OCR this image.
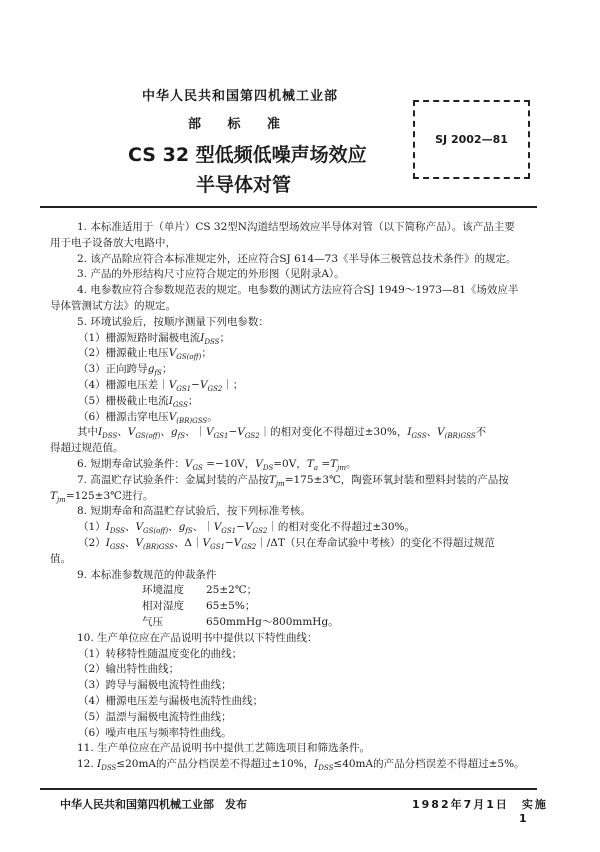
中华人民共和国第四机械工业部
部 标 准
CS 32 型低频低噪声场效应
半导体对管
SJ 2002—81
1. 本标准适用于（单片）CS 32型N沟道结型场效应半导体对管（以下简称产品）。该产品主要
用于电子设备放大电路中，
2. 该产品除应符合本标准规定外，还应符合SJ 614—73《半导体三极管总技术条件》的规定。
3. 产品的外形结构尺寸应符合规定的外形图（见附录A）。
4. 电参数应符合参数规范表的规定。电参数的测试方法应符合SJ 1949～1973—81《场效应半
导体管测试方法》的规定。
5. 环境试验后，按顺序测量下列电参数：
（1）栅源短路时漏极电流$I_{DSS}$；
（2）栅源截止电压$V_{GS(off)}$；
（3）正向跨导$g_{fS}$；
（4）栅源电压差$|V_{GS1}-V_{GS2}|$；
（5）栅极截止电流$I_{GSS}$；
（6）栅源击穿电压$V_{(BR)GSS}$。
其中$I_{DSS}$、$V_{GS(off)}$、$g_{fS}$、$|V_{GS1}-V_{GS2}|$的相对变化不得超过±30%，$I_{GSS}$、$V_{(BR)GSS}$不
得超过规范值。
6. 短期寿命试验条件：$V_{GS} =-10V$，$V_{DS}=0V$，$T_a =T_{jm}$。
7. 高温贮存试验条件：金属封装的产品按$T_{jm}=175\pm 3℃$，陶瓷环氧封装和塑料封装的产品按
$T_{jm}=125\pm 3℃$进行。
8. 短期寿命和高温贮存试验后，按下列标准考核。
$(1)I_{DSS}$、$V_{GS(off)}$、$g_{fS}$、$|V_{GS1}-V_{GS2}|$的相对变化不得超过±30%。
$(2)I_{GSS}$、$V_{(BR)GSS}$、$\Delta|V_{GS1}-V_{GS2}|/\Delta T$（只在寿命试验中考核）的变化不得超过规范
值。
9. 本标准参数规范的仲裁条件
环境温度 25±2℃；
相对湿度 65±5%；
气压	650mmHg～800mmHg。
10. 生产单位应在产品说明书中提供以下特性曲线：
（1）转移特性随温度变化的曲线；
（2）输出特性曲线；
（3）跨导与漏极电流特性曲线；
（4）栅源电压差与漏极电流特性曲线；
（5）温漂与漏极电流特性曲线；
（6）噪声电压与频率特性曲线。
11. 生产单位应在产品说明书中提供工艺筛选项目和筛选条件。
12. $I_{DSS}\le 20mA$的产品分档误差不得超过±10%，$I_{DSS}\le 40mA$的产品分档误差不得超过±5%。
中华人民共和国第四机械工业部　发布	1982年7月1日　实施
1
